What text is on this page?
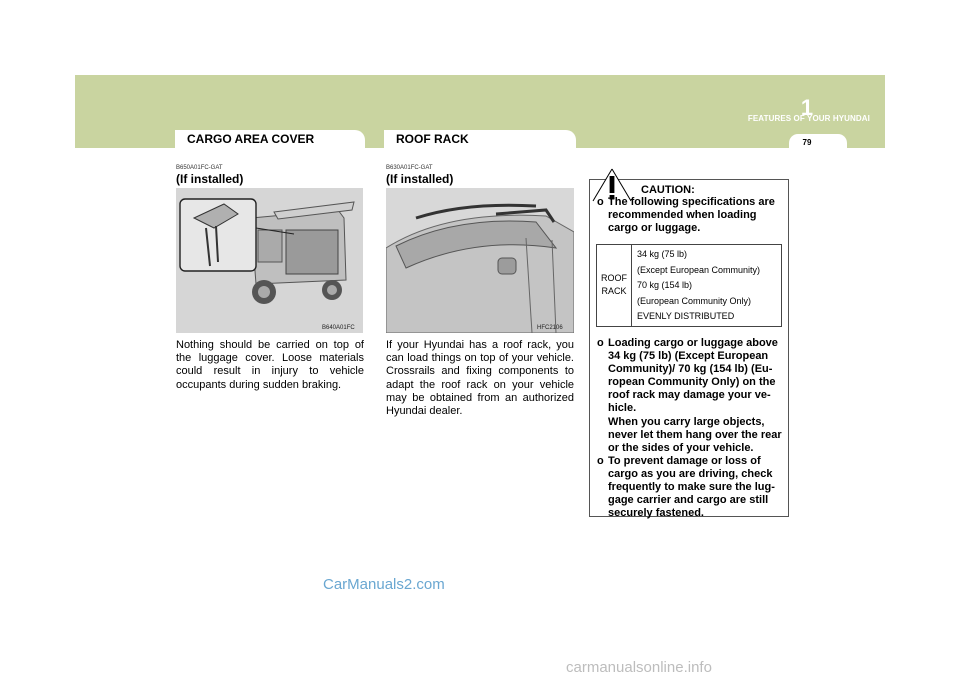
1
FEATURES OF YOUR HYUNDAI
79
CARGO AREA COVER
B650A01FC-GAT
(If installed)
B640A01FC
Nothing should be carried on top of the luggage cover. Loose materials could result in injury to vehicle occupants during sudden braking.
ROOF RACK
B630A01FC-GAT
(If installed)
HFC2106
If your Hyundai has a roof rack, you can load things on top of your vehicle. Crossrails and fixing components to adapt the roof rack on your vehicle may be obtained from an authorized Hyundai dealer.
CAUTION:
o The following specifications are
recommended when loading
cargo or luggage.
ROOF
RACK
34 kg (75 lb)
(Except European Community)
70 kg (154 lb)
(European Community Only)
EVENLY DISTRIBUTED
o Loading cargo or luggage above
34 kg (75 lb) (Except European
Community)/ 70 kg (154 lb) (Eu-
ropean Community Only) on the
roof rack may damage your ve-
hicle.
When you carry large objects,
never let them hang over the rear
or the sides of your vehicle.
o To prevent damage or loss of
cargo as you are driving, check
frequently to make sure the lug-
gage carrier and cargo are still
securely fastened.
CarManuals2.com
carmanualsonline.info
